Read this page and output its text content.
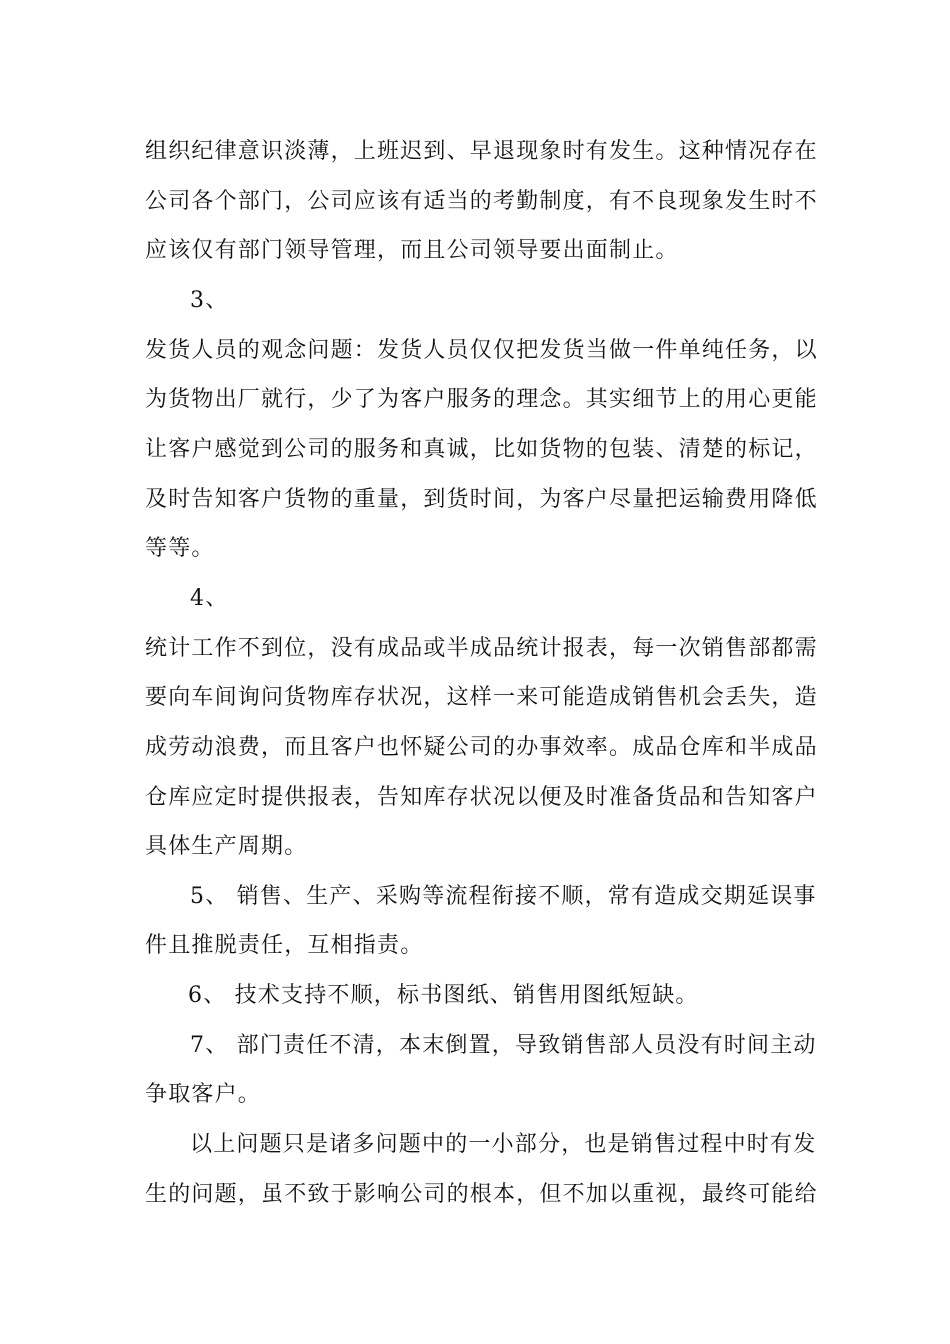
组织纪律意识淡薄，上班迟到、早退现象时有发生。这种情况存在
公司各个部门，公司应该有适当的考勤制度，有不良现象发生时不
应该仅有部门领导管理，而且公司领导要出面制止。
3、
发货人员的观念问题：发货人员仅仅把发货当做一件单纯任务，以
为货物出厂就行，少了为客户服务的理念。其实细节上的用心更能
让客户感觉到公司的服务和真诚，比如货物的包装、清楚的标记，
及时告知客户货物的重量，到货时间，为客户尽量把运输费用降低
等等。
4、
统计工作不到位，没有成品或半成品统计报表，每一次销售部都需
要向车间询问货物库存状况，这样一来可能造成销售机会丢失，造
成劳动浪费，而且客户也怀疑公司的办事效率。成品仓库和半成品
仓库应定时提供报表，告知库存状况以便及时准备货品和告知客户
具体生产周期。
5、 销售、生产、采购等流程衔接不顺，常有造成交期延误事
件且推脱责任，互相指责。
6、 技术支持不顺，标书图纸、销售用图纸短缺。
7、 部门责任不清，本末倒置，导致销售部人员没有时间主动
争取客户。
以上问题只是诸多问题中的一小部分，也是销售过程中时有发
生的问题，虽不致于影响公司的根本，但不加以重视，最终可能给
